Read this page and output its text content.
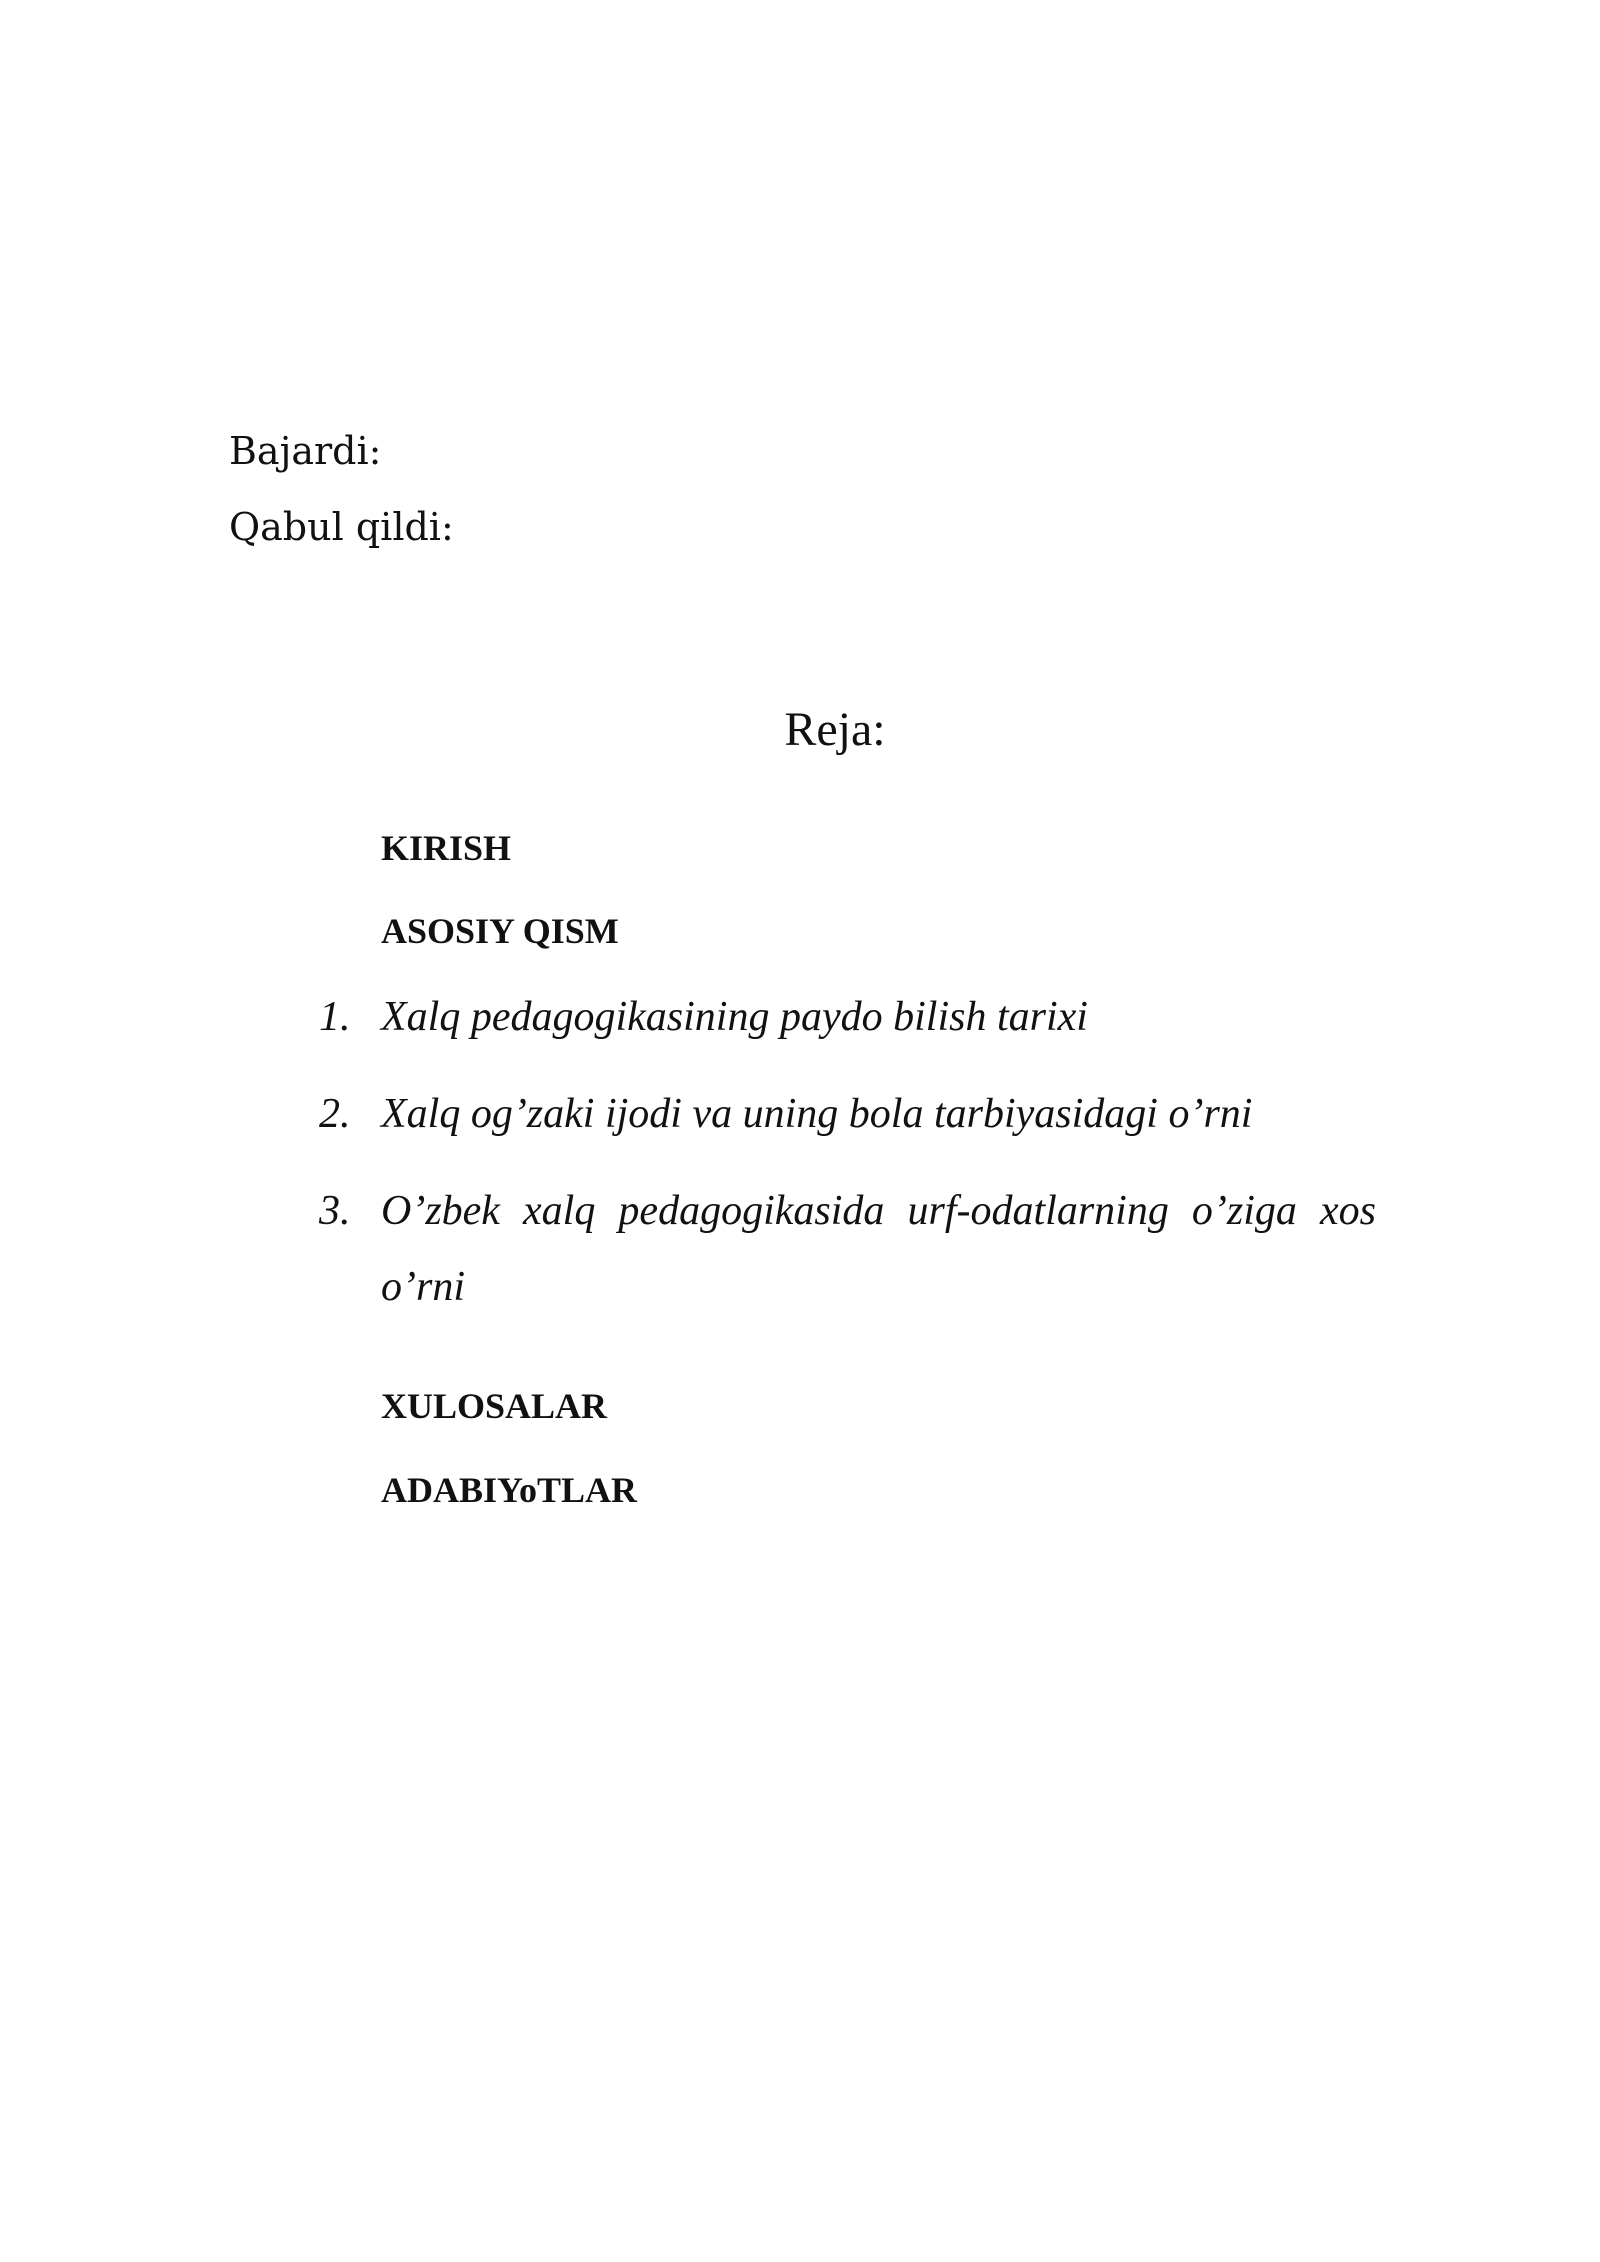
Bajardi:
Qabul qildi:
Reja:
KIRISH
ASOSIY QISM
1. Xalq pedagogikasining paydo bilish tarixi
2. Xalq og’zaki ijodi va uning bola tarbiyasidagi o’rni
3. O’zbek xalq pedagogikasida urf-odatlarning o’ziga xos
o’rni
XULOSALAR
ADABIYoTLAR
